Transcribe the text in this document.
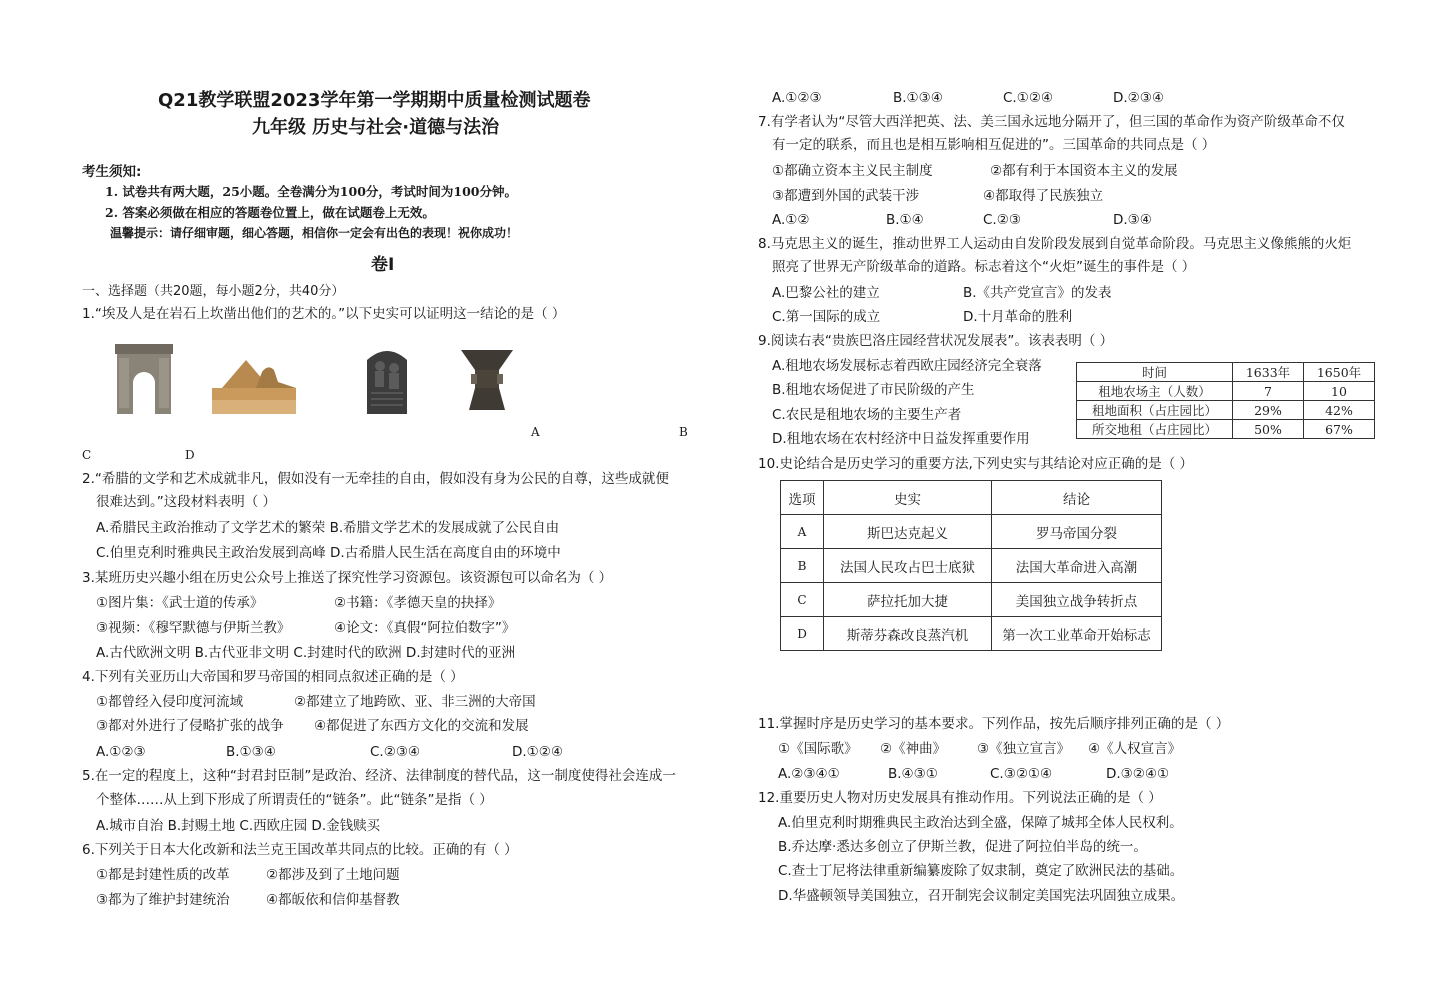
Q21教学联盟2023学年第一学期期中质量检测试题卷
九年级 历史与社会·道德与法治
考生须知:
1. 试卷共有两大题，25小题。全卷满分为100分，考试时间为100分钟。
2. 答案必须做在相应的答题卷位置上，做在试题卷上无效。
温馨提示：请仔细审题，细心答题，相信你一定会有出色的表现！祝你成功！
卷Ⅰ
一、选择题（共20题，每小题2分，共40分）
1.“埃及人是在岩石上坎凿出他们的艺术的。”以下史实可以证明这一结论的是（ ）
A	B
C	D
2.“希腊的文学和艺术成就非凡，假如没有一无牵挂的自由，假如没有身为公民的自尊，这些成就便
很难达到。”这段材料表明（ ）
A.希腊民主政治推动了文学艺术的繁荣 B.希腊文学艺术的发展成就了公民自由
C.伯里克利时雅典民主政治发展到高峰 D.古希腊人民生活在高度自由的环境中
3.某班历史兴趣小组在历史公众号上推送了探究性学习资源包。该资源包可以命名为（ ）
①图片集：《武士道的传承》	②书籍：《孝德天皇的抉择》
③视频：《穆罕默德与伊斯兰教》	④论文：《真假“阿拉伯数字”》
A.古代欧洲文明 B.古代亚非文明 C.封建时代的欧洲 D.封建时代的亚洲
4.下列有关亚历山大帝国和罗马帝国的相同点叙述正确的是（ ）
①都曾经入侵印度河流域	②都建立了地跨欧、亚、非三洲的大帝国
③都对外进行了侵略扩张的战争 ④都促进了东西方文化的交流和发展
A.①②③	B.①③④	C.②③④	D.①②④
5.在一定的程度上，这种“封君封臣制”是政治、经济、法律制度的替代品，这一制度使得社会连成一
个整体……从上到下形成了所谓责任的“链条”。此“链条”是指（ ）
A.城市自治 B.封赐土地 C.西欧庄园 D.金钱赎买
6.下列关于日本大化改新和法兰克王国改革共同点的比较。正确的有（ ）
①都是封建性质的改革	②都涉及到了土地问题
③都为了维护封建统治	④都皈依和信仰基督教
A.①②③	B.①③④	C.①②④	D.②③④
7.有学者认为“尽管大西洋把英、法、美三国永远地分隔开了，但三国的革命作为资产阶级革命不仅
有一定的联系，而且也是相互影响相互促进的”。三国革命的共同点是（ ）
①都确立资本主义民主制度	②都有利于本国资本主义的发展
③都遭到外国的武装干涉	④都取得了民族独立
A.①②	B.①④	C.②③	D.③④
8.马克思主义的诞生，推动世界工人运动由自发阶段发展到自觉革命阶段。马克思主义像熊熊的火炬
照亮了世界无产阶级革命的道路。标志着这个“火炬”诞生的事件是（ ）
A.巴黎公社的建立	B.《共产党宣言》的发表
C.第一国际的成立	D.十月革命的胜利
9.阅读右表“贵族巴洛庄园经营状况发展表”。该表表明（ ）
A.租地农场发展标志着西欧庄园经济完全衰落
B.租地农场促进了市民阶级的产生
C.农民是租地农场的主要生产者
D.租地农场在农村经济中日益发挥重要作用
时间	1633年	1650年
租地农场主（人数）	7	10
租地面积（占庄园比）	29%	42%
所交地租（占庄园比）	50%	67%
10.史论结合是历史学习的重要方法,下列史实与其结论对应正确的是（ ）
选项	史实	结论
A	斯巴达克起义	罗马帝国分裂
B	法国人民攻占巴士底狱	法国大革命进入高潮
C	萨拉托加大捷	美国独立战争转折点
D	斯蒂芬森改良蒸汽机	第一次工业革命开始标志
11.掌握时序是历史学习的基本要求。下列作品，按先后顺序排列正确的是（ ）
①《国际歌》 ②《神曲》 ③《独立宣言》 ④《人权宣言》
A.②③④①	B.④③①	C.③②①④	D.③②④①
12.重要历史人物对历史发展具有推动作用。下列说法正确的是（ ）
A.伯里克利时期雅典民主政治达到全盛，保障了城邦全体人民权利。
B.乔达摩·悉达多创立了伊斯兰教，促进了阿拉伯半岛的统一。
C.查士丁尼将法律重新编纂废除了奴隶制，奠定了欧洲民法的基础。
D.华盛顿领导美国独立，召开制宪会议制定美国宪法巩固独立成果。
